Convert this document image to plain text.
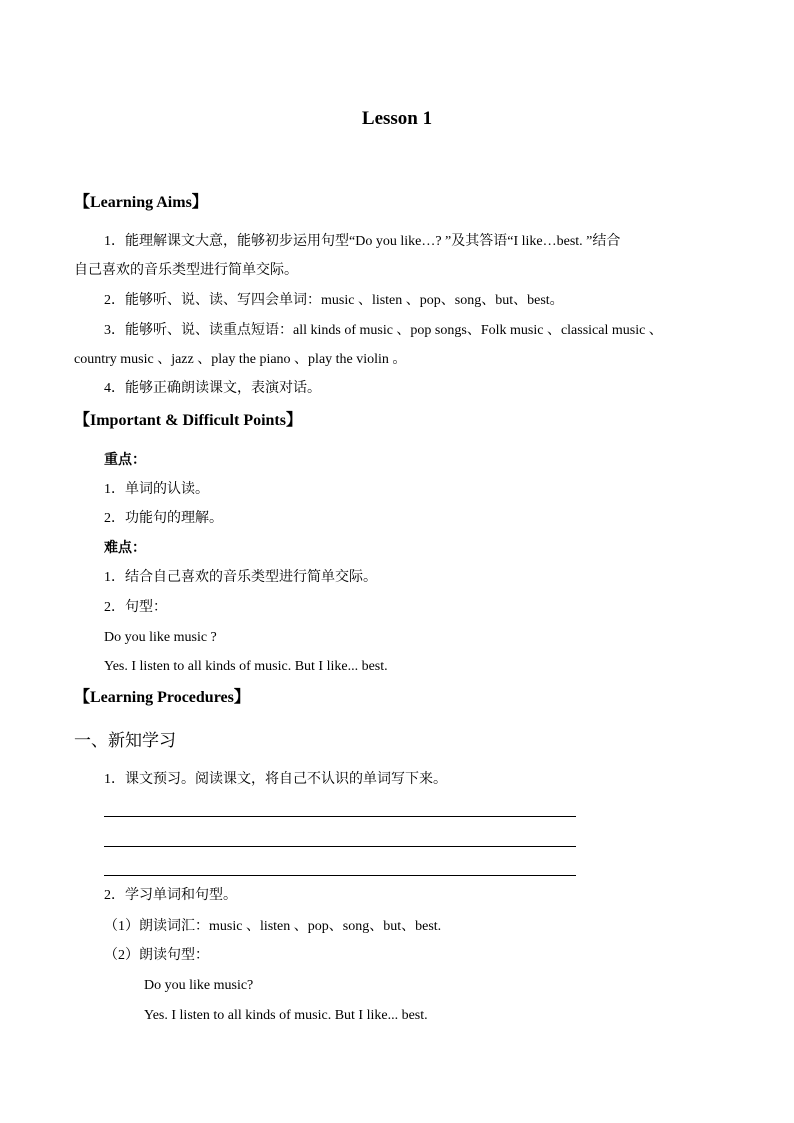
Lesson 1
【Learning Aims】
1．能理解课文大意，能够初步运用句型“Do you like…? ”及其答语“I like…best. ”结合
自己喜欢的音乐类型进行简单交际。
2．能够听、说、读、写四会单词：music 、listen 、pop、song、but、best。
3．能够听、说、读重点短语：all kinds of music 、pop songs、Folk music 、classical music 、
country music 、jazz 、play the piano 、play the violin 。
4．能够正确朗读课文，表演对话。
【Important & Difficult Points】
重点：
1．单词的认读。
2．功能句的理解。
难点：
1．结合自己喜欢的音乐类型进行简单交际。
2．句型：
Do you like music ?
Yes. I listen to all kinds of music. But I like... best.
【Learning Procedures】
一、新知学习
1．课文预习。阅读课文，将自己不认识的单词写下来。
2．学习单词和句型。
（1）朗读词汇：music 、listen 、pop、song、but、best.
（2）朗读句型：
Do you like music?
Yes. I listen to all kinds of music. But I like... best.
